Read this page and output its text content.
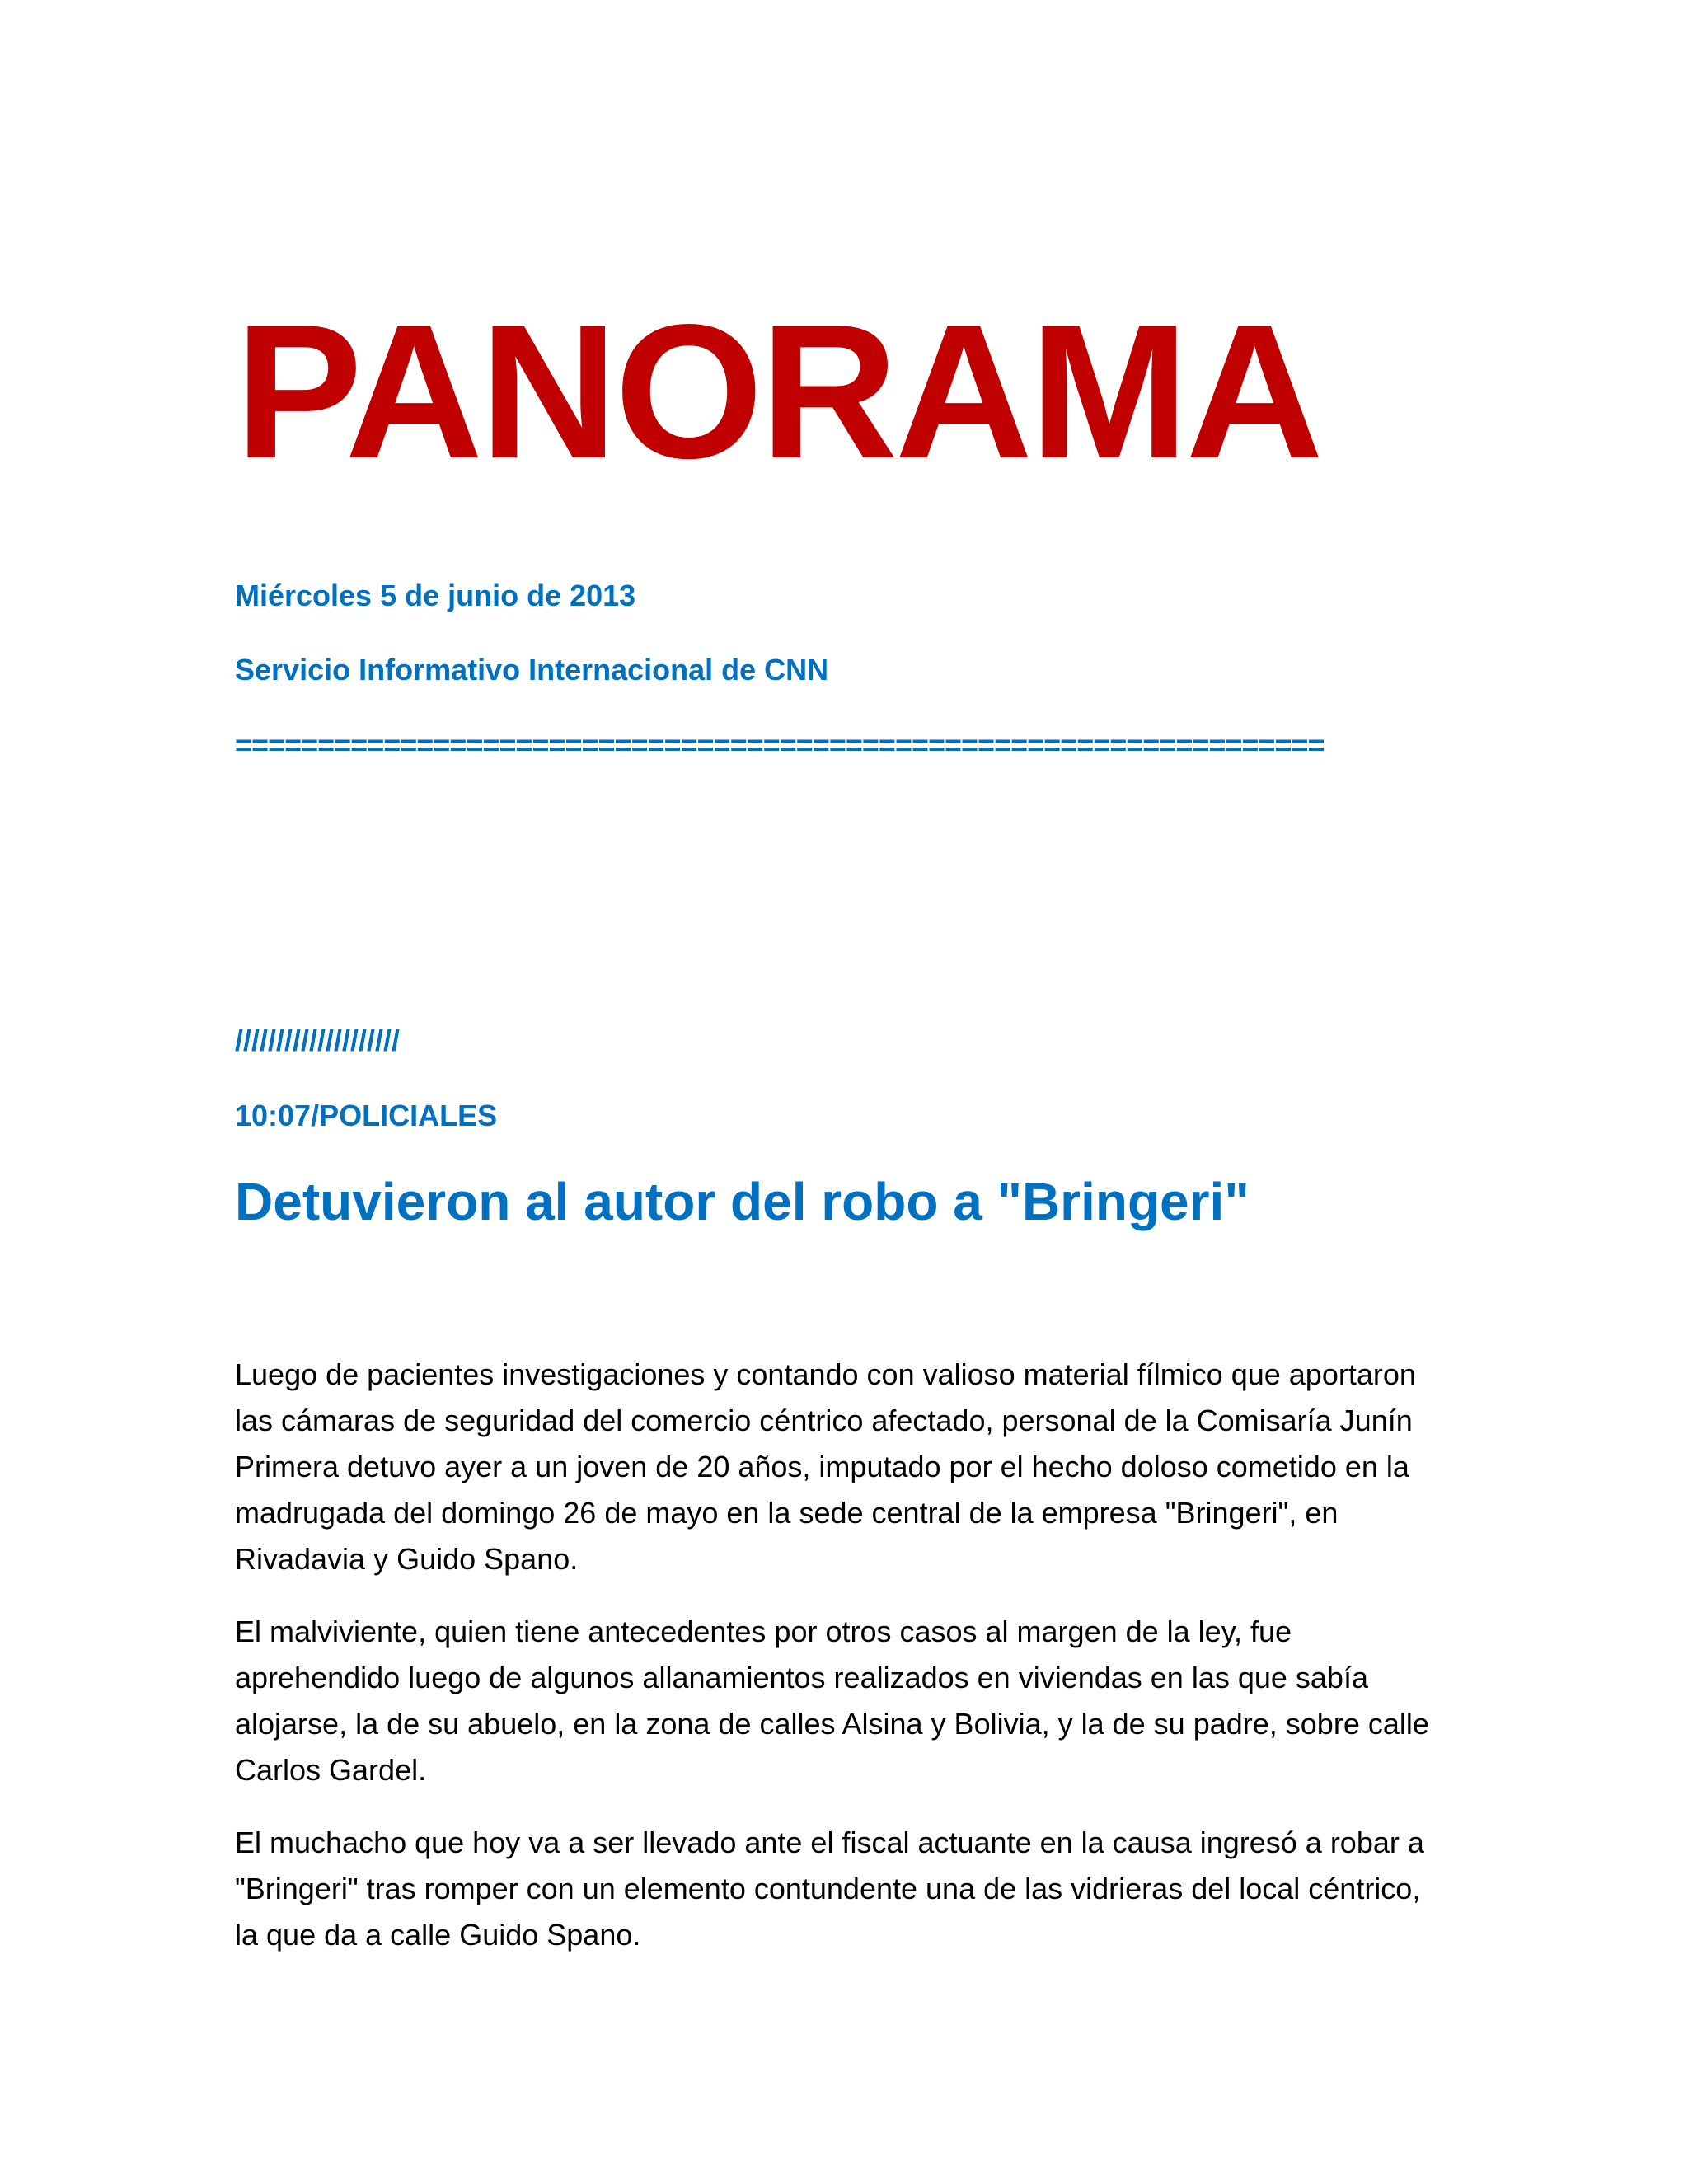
PANORAMA

Miércoles 5 de junio de 2013

Servicio Informativo Internacional de CNN

==================================================================

////////////////////

10:07/POLICIALES

Detuvieron al autor del robo a "Bringeri"

Luego de pacientes investigaciones y contando con valioso material fílmico que aportaron las cámaras de seguridad del comercio céntrico afectado, personal de la Comisaría Junín Primera detuvo ayer a un joven de 20 años, imputado por el hecho doloso cometido en la madrugada del domingo 26 de mayo en la sede central de la empresa "Bringeri", en Rivadavia y Guido Spano.

El malviviente, quien tiene antecedentes por otros casos al margen de la ley, fue aprehendido luego de algunos allanamientos realizados en viviendas en las que sabía alojarse, la de su abuelo, en la zona de calles Alsina y Bolivia, y la de su padre, sobre calle Carlos Gardel.

El muchacho que hoy va a ser llevado ante el fiscal actuante en la causa ingresó a robar a "Bringeri" tras romper con un elemento contundente una de las vidrieras del local céntrico, la que da a calle Guido Spano.
